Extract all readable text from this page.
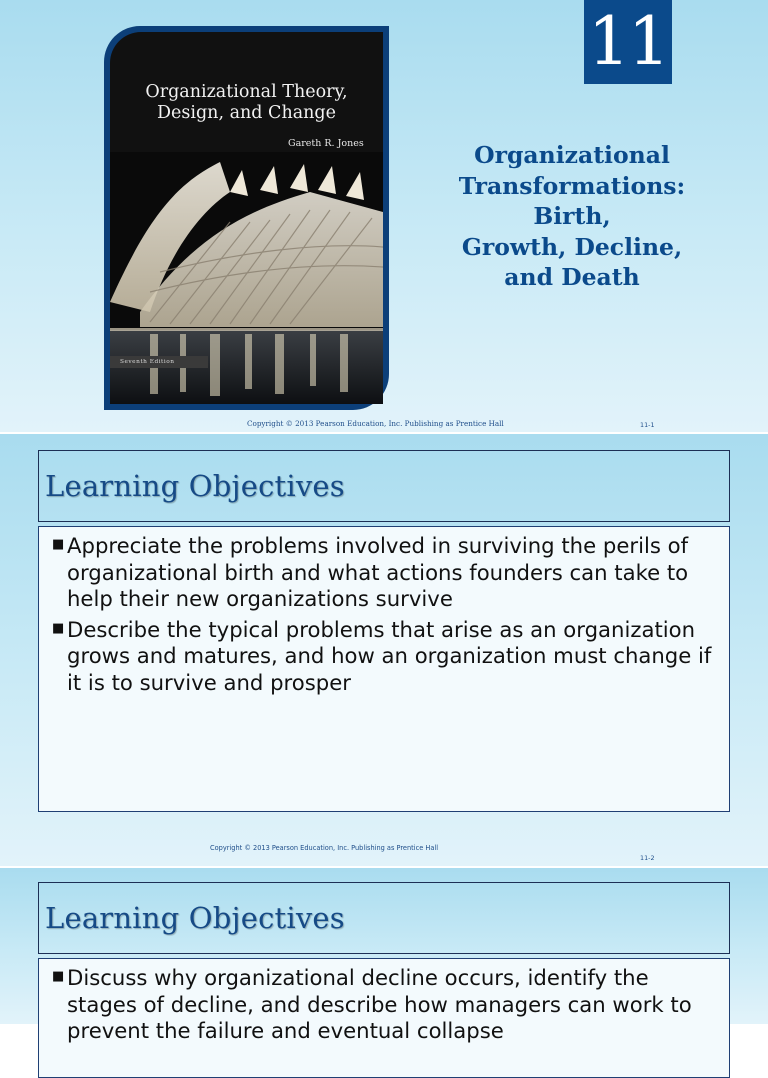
11
Organizational Theory,
Design, and Change
Gareth R. Jones
Seventh Edition
Organizational
Transformations:
Birth,
Growth, Decline,
and Death
Copyright © 2013 Pearson Education, Inc. Publishing as Prentice Hall	11-1
Learning Objectives
■ Appreciate the problems involved in surviving the perils of organizational birth and what actions founders can take to help their new organizations survive
■ Describe the typical problems that arise as an organization grows and matures, and how an organization must change if it is to survive and prosper
Copyright © 2013 Pearson Education, Inc. Publishing as Prentice Hall
11-2
Learning Objectives
■ Discuss why organizational decline occurs, identify the stages of decline, and describe how managers can work to prevent the failure and eventual collapse
